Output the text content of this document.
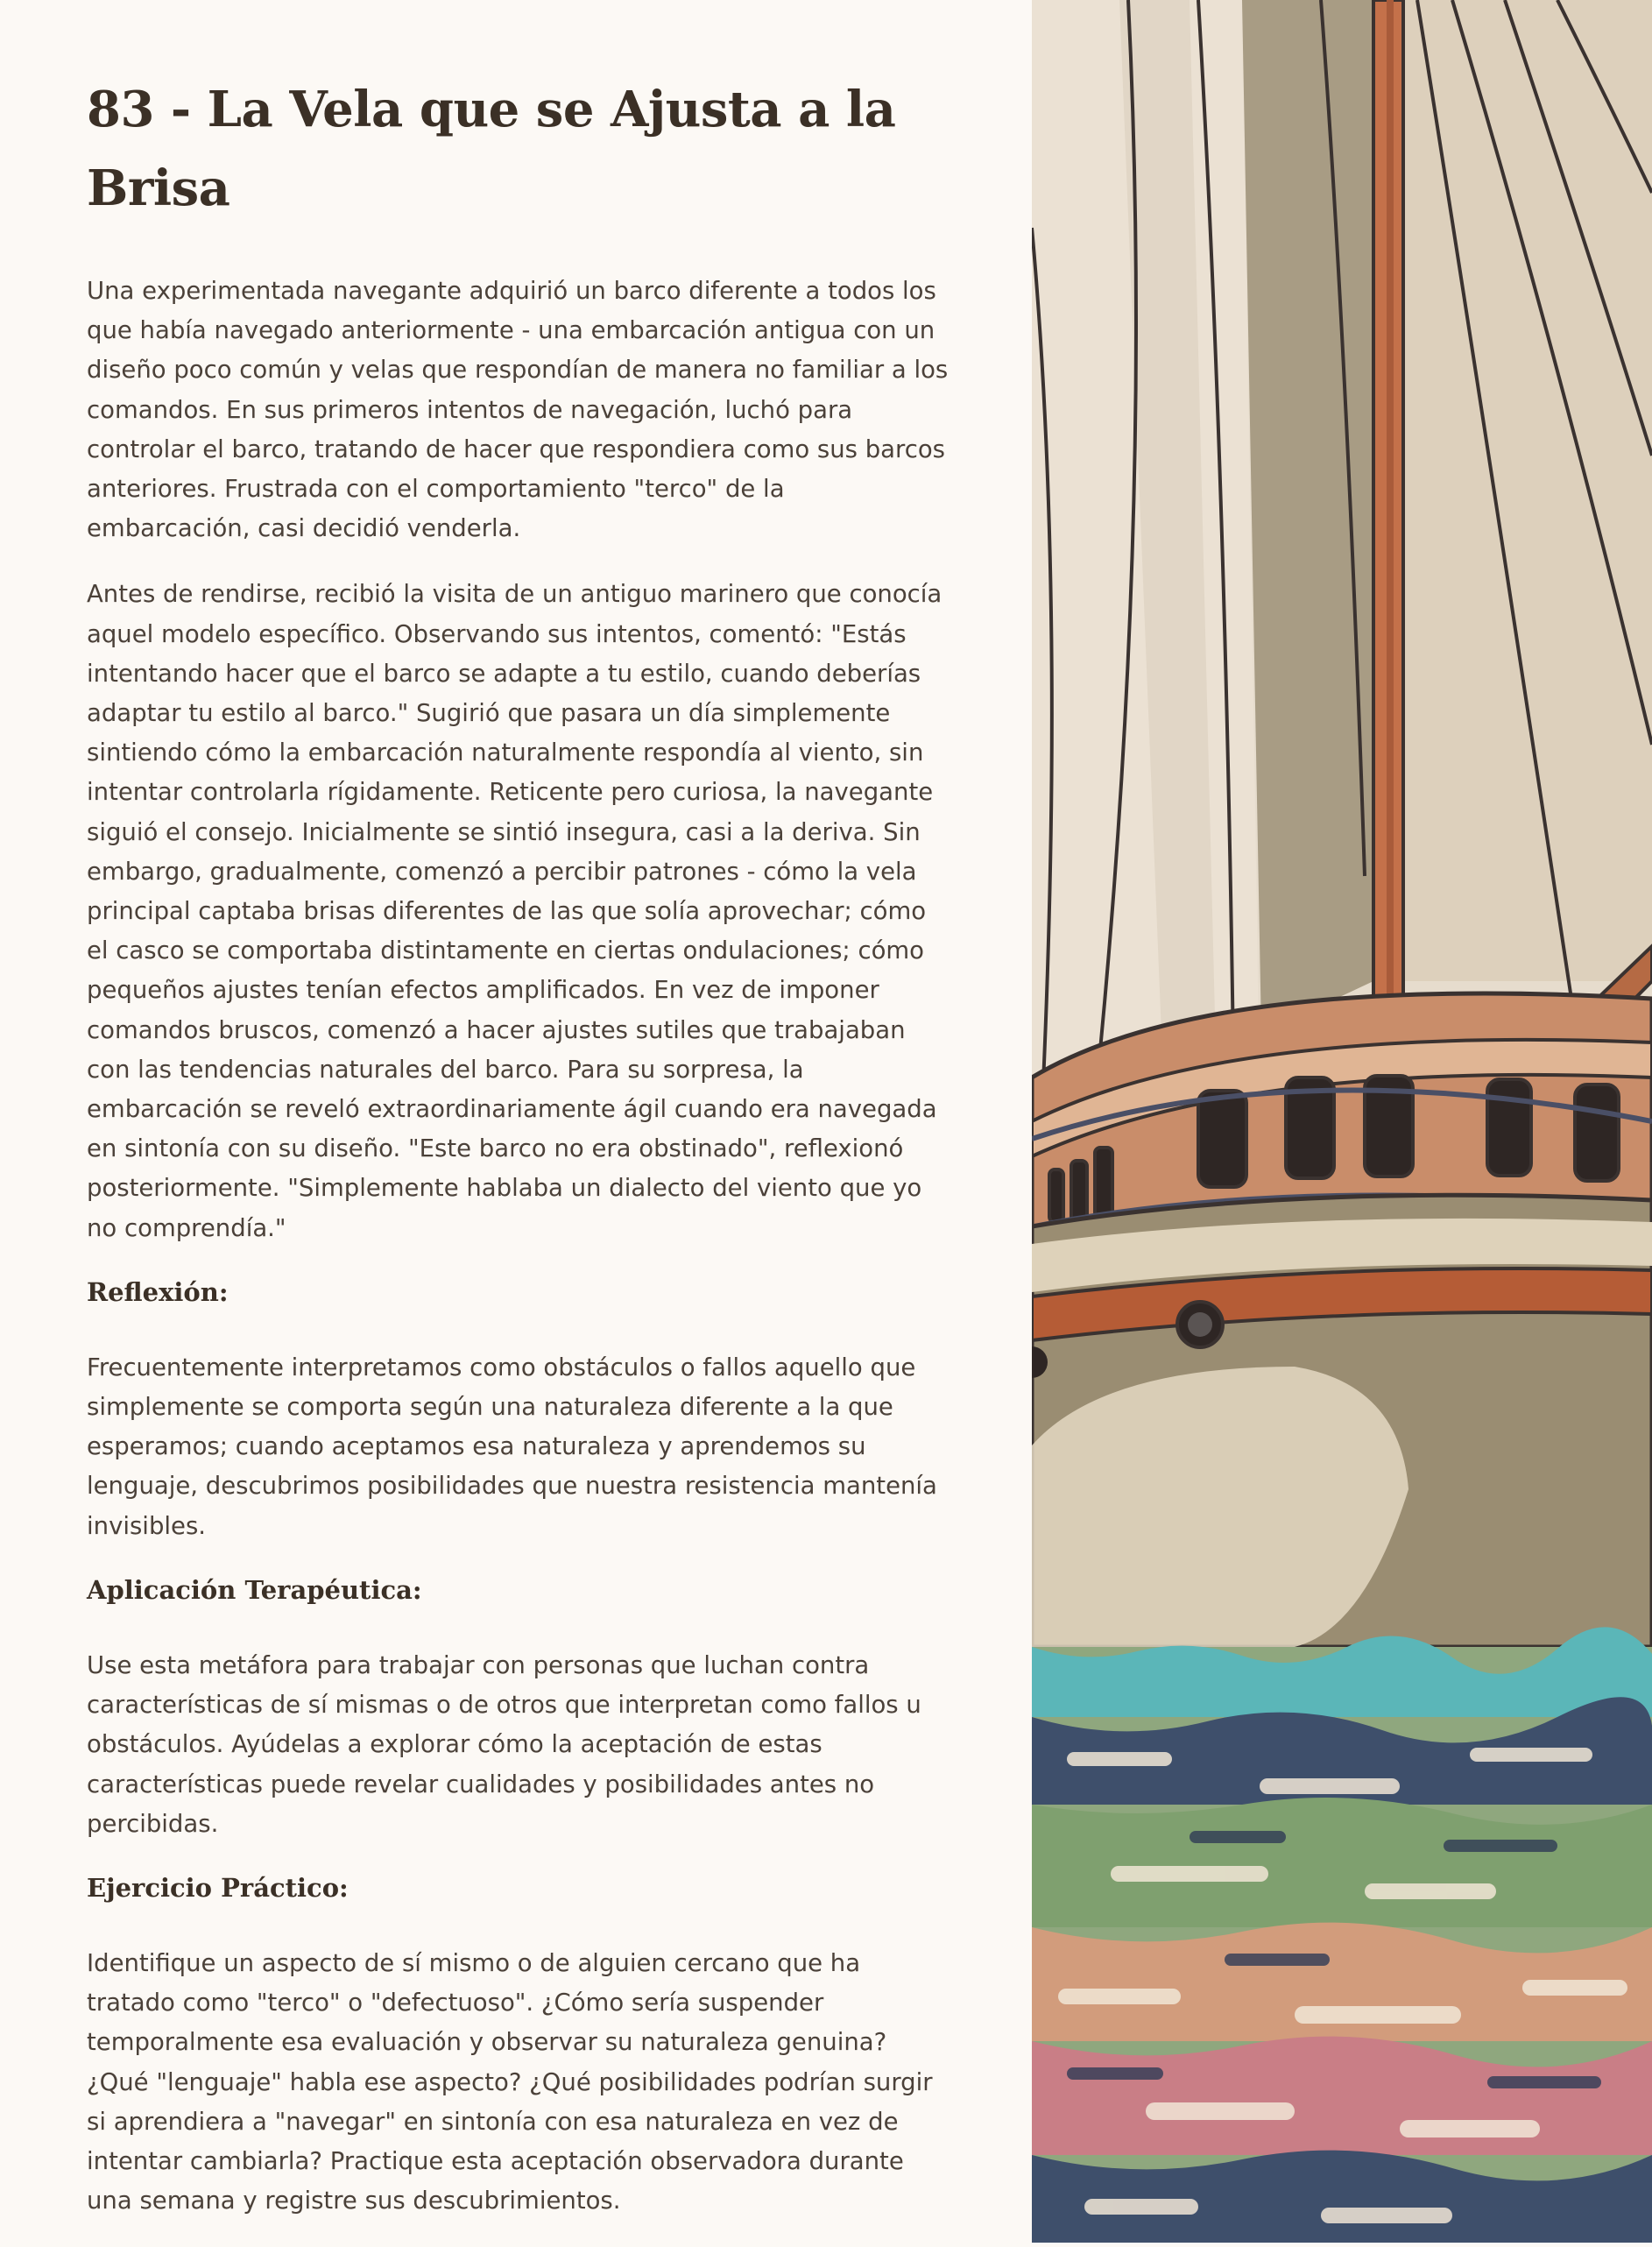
83 - La Vela que se Ajusta a la Brisa

Una experimentada navegante adquirió un barco diferente a todos los que había navegado anteriormente - una embarcación antigua con un diseño poco común y velas que respondían de manera no familiar a los comandos. En sus primeros intentos de navegación, luchó para controlar el barco, tratando de hacer que respondiera como sus barcos anteriores. Frustrada con el comportamiento "terco" de la embarcación, casi decidió venderla.

Antes de rendirse, recibió la visita de un antiguo marinero que conocía aquel modelo específico. Observando sus intentos, comentó: "Estás intentando hacer que el barco se adapte a tu estilo, cuando deberías adaptar tu estilo al barco." Sugirió que pasara un día simplemente sintiendo cómo la embarcación naturalmente respondía al viento, sin intentar controlarla rígidamente. Reticente pero curiosa, la navegante siguió el consejo. Inicialmente se sintió insegura, casi a la deriva. Sin embargo, gradualmente, comenzó a percibir patrones - cómo la vela principal captaba brisas diferentes de las que solía aprovechar; cómo el casco se comportaba distintamente en ciertas ondulaciones; cómo pequeños ajustes tenían efectos amplificados. En vez de imponer comandos bruscos, comenzó a hacer ajustes sutiles que trabajaban con las tendencias naturales del barco. Para su sorpresa, la embarcación se reveló extraordinariamente ágil cuando era navegada en sintonía con su diseño. "Este barco no era obstinado", reflexionó posteriormente. "Simplemente hablaba un dialecto del viento que yo no comprendía."

Reflexión:

Frecuentemente interpretamos como obstáculos o fallos aquello que simplemente se comporta según una naturaleza diferente a la que esperamos; cuando aceptamos esa naturaleza y aprendemos su lenguaje, descubrimos posibilidades que nuestra resistencia mantenía invisibles.

Aplicación Terapéutica:

Use esta metáfora para trabajar con personas que luchan contra características de sí mismas o de otros que interpretan como fallos u obstáculos. Ayúdelas a explorar cómo la aceptación de estas características puede revelar cualidades y posibilidades antes no percibidas.

Ejercicio Práctico:

Identifique un aspecto de sí mismo o de alguien cercano que ha tratado como "terco" o "defectuoso". ¿Cómo sería suspender temporalmente esa evaluación y observar su naturaleza genuina? ¿Qué "lenguaje" habla ese aspecto? ¿Qué posibilidades podrían surgir si aprendiera a "navegar" en sintonía con esa naturaleza en vez de intentar cambiarla? Practique esta aceptación observadora durante una semana y registre sus descubrimientos.
